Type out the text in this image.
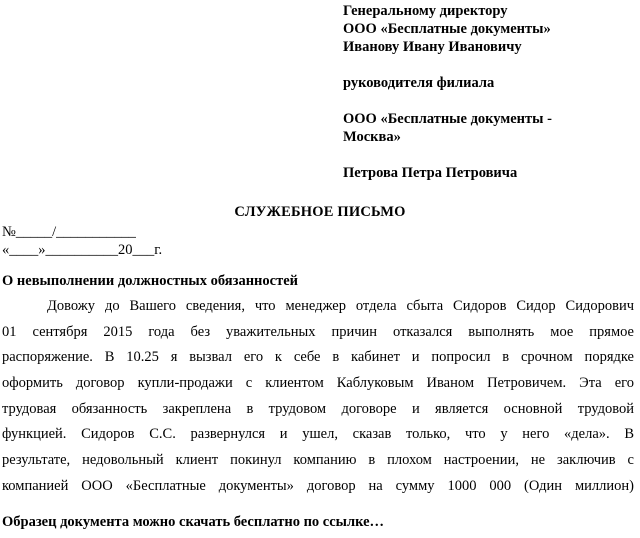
Генеральному директору
ООО «Бесплатные документы»
Иванову Ивану Ивановичу
руководителя филиала
ООО «Бесплатные документы -
Москва»
Петрова Петра Петровича
СЛУЖЕБНОЕ ПИСЬМО
№_____/___________
«____»__________20___г.
О невыполнении должностных обязанностей
Довожу до Вашего сведения, что менеджер отдела сбыта Сидоров Сидор Сидорович
01 сентября 2015 года без уважительных причин отказался выполнять мое прямое
распоряжение. В 10.25 я вызвал его к себе в кабинет и попросил в срочном порядке
оформить договор купли-продажи с клиентом Каблуковым Иваном Петровичем. Эта его
трудовая обязанность закреплена в трудовом договоре и является основной трудовой
функцией. Сидоров С.С. развернулся и ушел, сказав только, что у него «дела». В
результате, недовольный клиент покинул компанию в плохом настроении, не заключив с
компанией ООО «Бесплатные документы» договор на сумму 1000 000 (Один миллион)
Образец документа можно скачать бесплатно по ссылке…
